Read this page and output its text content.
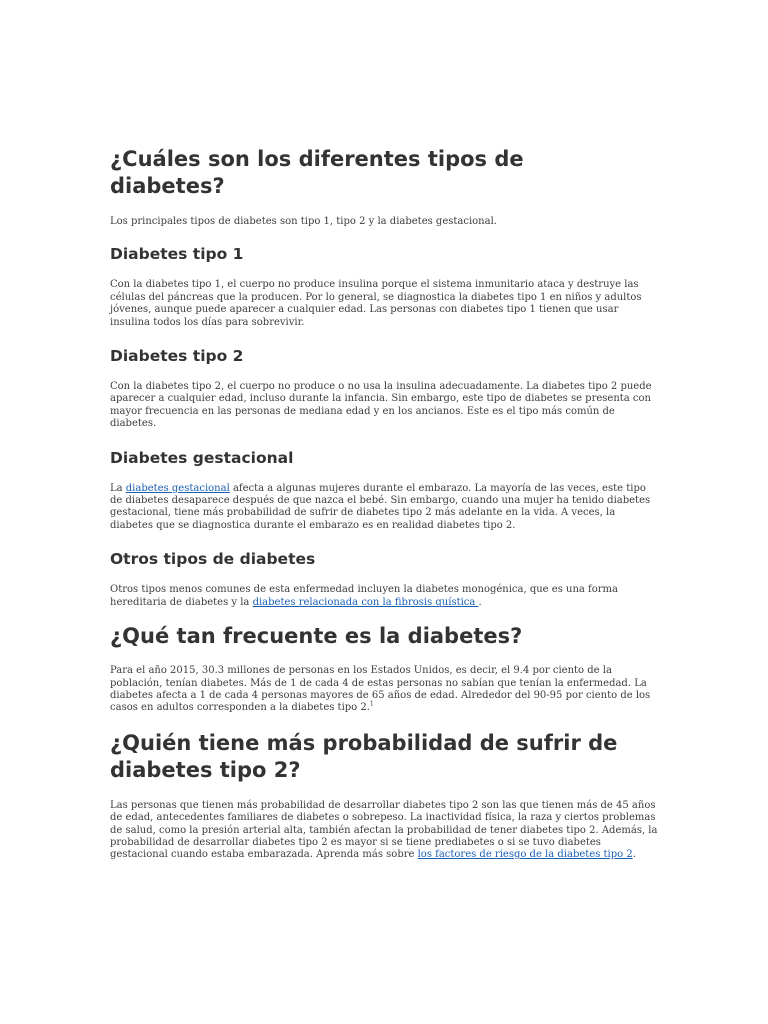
¿Cuáles son los diferentes tipos de diabetes?

Los principales tipos de diabetes son tipo 1, tipo 2 y la diabetes gestacional.

Diabetes tipo 1

Con la diabetes tipo 1, el cuerpo no produce insulina porque el sistema inmunitario ataca y destruye las células del páncreas que la producen. Por lo general, se diagnostica la diabetes tipo 1 en niños y adultos jóvenes, aunque puede aparecer a cualquier edad. Las personas con diabetes tipo 1 tienen que usar insulina todos los días para sobrevivir.

Diabetes tipo 2

Con la diabetes tipo 2, el cuerpo no produce o no usa la insulina adecuadamente. La diabetes tipo 2 puede aparecer a cualquier edad, incluso durante la infancia. Sin embargo, este tipo de diabetes se presenta con mayor frecuencia en las personas de mediana edad y en los ancianos. Este es el tipo más común de diabetes.

Diabetes gestacional

La diabetes gestacional afecta a algunas mujeres durante el embarazo. La mayoría de las veces, este tipo de diabetes desaparece después de que nazca el bebé. Sin embargo, cuando una mujer ha tenido diabetes gestacional, tiene más probabilidad de sufrir de diabetes tipo 2 más adelante en la vida. A veces, la diabetes que se diagnostica durante el embarazo es en realidad diabetes tipo 2.

Otros tipos de diabetes

Otros tipos menos comunes de esta enfermedad incluyen la diabetes monogénica, que es una forma hereditaria de diabetes y la diabetes relacionada con la fibrosis quística .

¿Qué tan frecuente es la diabetes?

Para el año 2015, 30.3 millones de personas en los Estados Unidos, es decir, el 9.4 por ciento de la población, tenían diabetes. Más de 1 de cada 4 de estas personas no sabían que tenían la enfermedad. La diabetes afecta a 1 de cada 4 personas mayores de 65 años de edad. Alrededor del 90-95 por ciento de los casos en adultos corresponden a la diabetes tipo 2.$^1$

¿Quién tiene más probabilidad de sufrir de diabetes tipo 2?

Las personas que tienen más probabilidad de desarrollar diabetes tipo 2 son las que tienen más de 45 años de edad, antecedentes familiares de diabetes o sobrepeso. La inactividad física, la raza y ciertos problemas de salud, como la presión arterial alta, también afectan la probabilidad de tener diabetes tipo 2. Además, la probabilidad de desarrollar diabetes tipo 2 es mayor si se tiene prediabetes o si se tuvo diabetes gestacional cuando estaba embarazada. Aprenda más sobre los factores de riesgo de la diabetes tipo 2.
